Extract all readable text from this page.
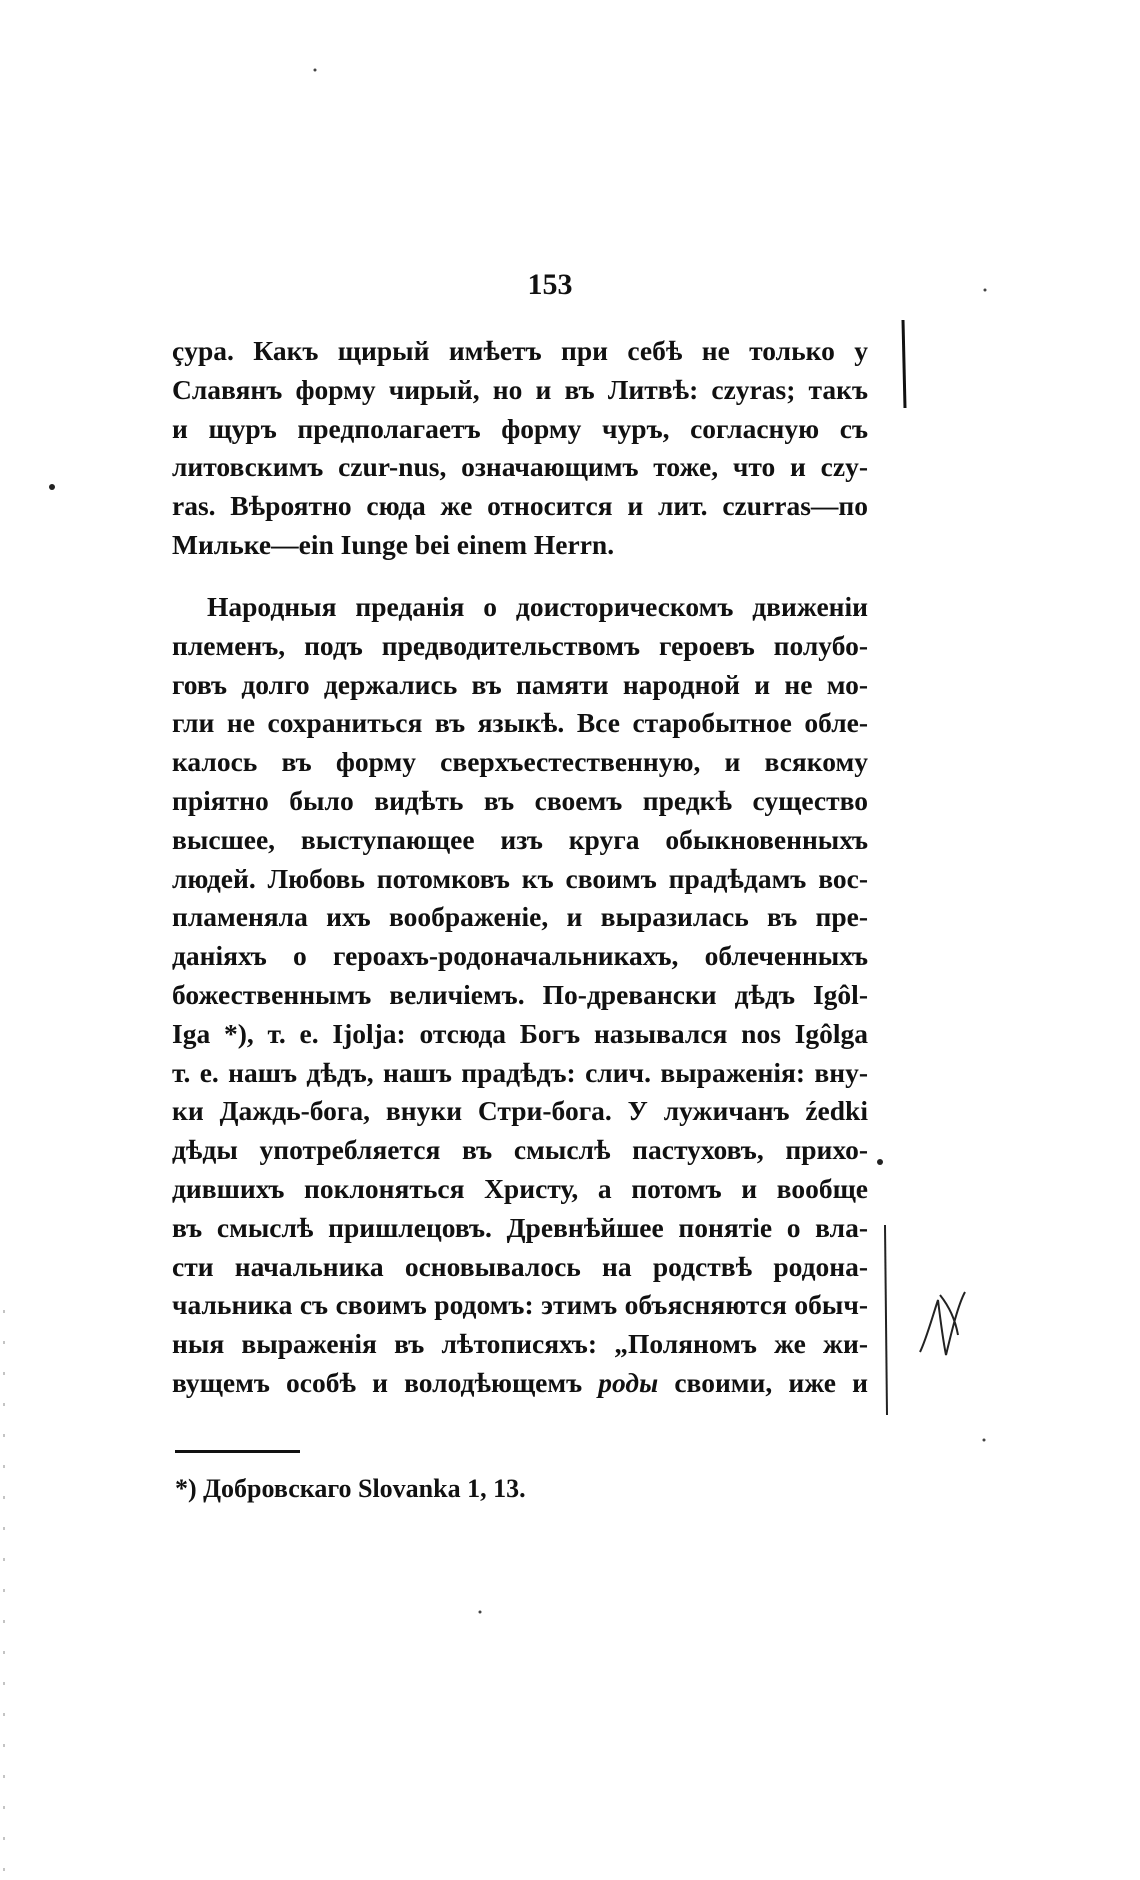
153
çура. Какъ щирый имѣетъ при себѣ не только у
Славянъ форму чирый, но и въ Литвѣ: czyras; такъ
и щуръ предполагаетъ форму чуръ, согласную съ
литовскимъ czur-nus, означающимъ тоже, что и czy-
ras. Вѣроятно сюда же относится и лит. czurras—по
Мильке—ein Iunge bei einem Herrn.
Народныя преданія о доисторическомъ движеніи
племенъ, подъ предводительствомъ героевъ полубо-
говъ долго держались въ памяти народной и не мо-
гли не сохраниться въ языкѣ. Все старобытное обле-
калось въ форму сверхъестественную, и всякому
пріятно было видѣть въ своемъ предкѣ существо
высшее, выступающее изъ круга обыкновенныхъ
людей. Любовь потомковъ къ своимъ прадѣдамъ вос-
пламеняла ихъ воображеніе, и выразилась въ пре-
даніяхъ о героахъ-родоначальникахъ, облеченныхъ
божественнымъ величіемъ. По-древански дѣдъ Igôl-
Iga *), т. е. Ijolja: отсюда Богъ назывался nos Igôlga
т. е. нашъ дѣдъ, нашъ прадѣдъ: слич. выраженія: вну-
ки Даждь-бога, внуки Стри-бога. У лужичанъ źedki
дѣды употребляется въ смыслѣ пастуховъ, прихо-
дившихъ поклоняться Христу, а потомъ и вообще
въ смыслѣ пришлецовъ. Древнѣйшее понятіе о вла-
сти начальника основывалось на родствѣ родона-
чальника съ своимъ родомъ: этимъ объясняются обыч-
ныя выраженія въ лѣтописяхъ: „Поляномъ же жи-
вущемъ особѣ и володѣющемъ роды своими, иже и
*) Добровскаго Slovanka 1, 13.
